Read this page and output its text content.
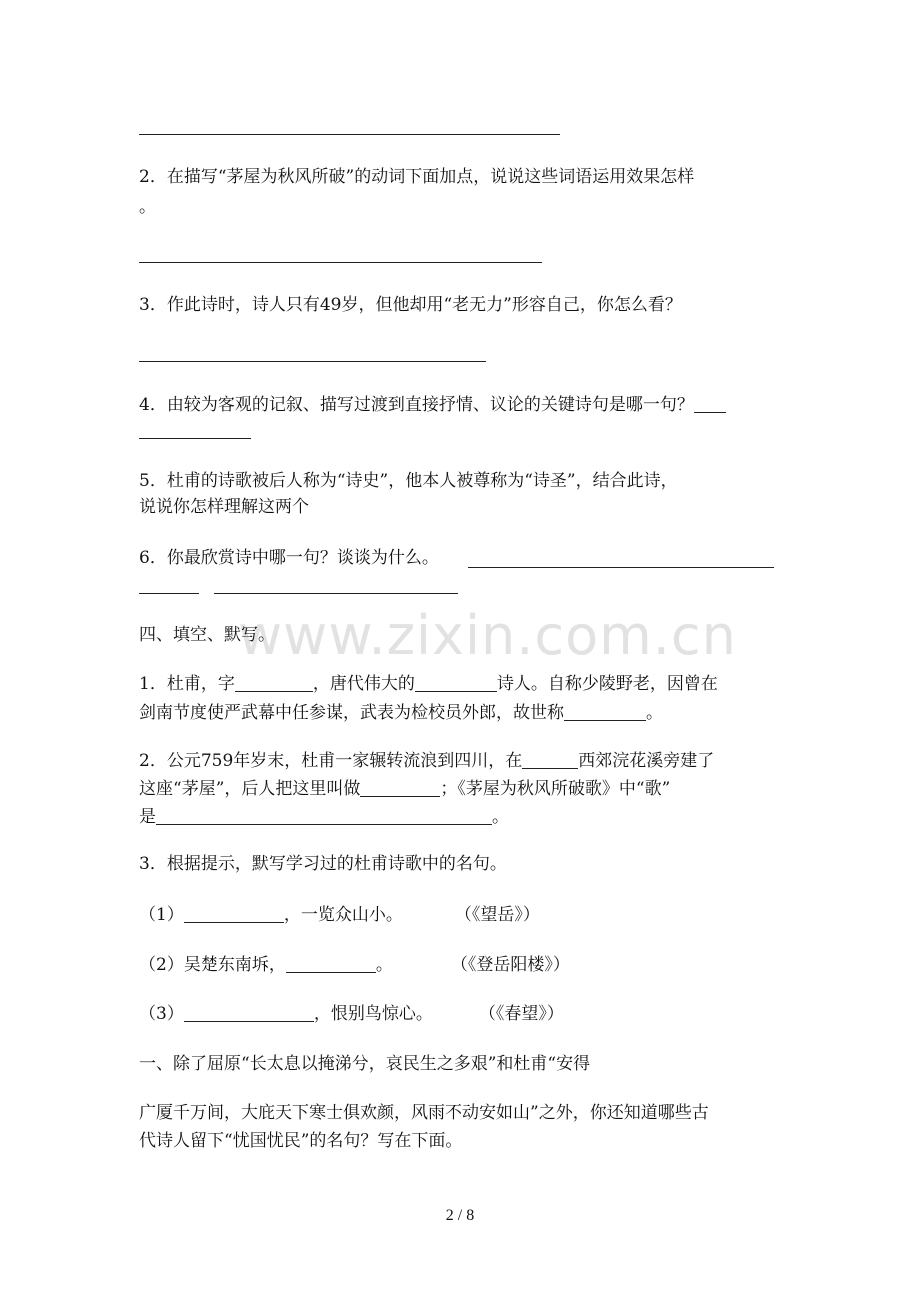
2．在描写“茅屋为秋风所破”的动词下面加点，说说这些词语运用效果怎样
。
3．作此诗时，诗人只有49岁，但他却用“老无力”形容自己，你怎么看？
4．由较为客观的记叙、描写过渡到直接抒情、议论的关键诗句是哪一句？
5．杜甫的诗歌被后人称为“诗史”，他本人被尊称为“诗圣”，结合此诗，
说说你怎样理解这两个
6．你最欣赏诗中哪一句？谈谈为什么。
www.zixin.com.cn
四、填空、默写。
1．杜甫，字	，唐代伟大的	诗人。自称少陵野老，因曾在
剑南节度使严武幕中任参谋，武表为检校员外郎，故世称	。
2．公元759年岁末，杜甫一家辗转流浪到四川，在	西郊浣花溪旁建了
这座“茅屋”，后人把这里叫做	；《茅屋为秋风所破歌》中“歌”
是	。
3．根据提示，默写学习过的杜甫诗歌中的名句。
（1）	，一览众山小。	（《望岳》）
（2）吴楚东南坼，	。	（《登岳阳楼》）
（3）	，恨别鸟惊心。	（《春望》）
一、除了屈原“长太息以掩涕兮，哀民生之多艰”和杜甫“安得
广厦千万间，大庇天下寒士俱欢颜，风雨不动安如山”之外，你还知道哪些古
代诗人留下“忧国忧民”的名句？写在下面。
2 / 8
